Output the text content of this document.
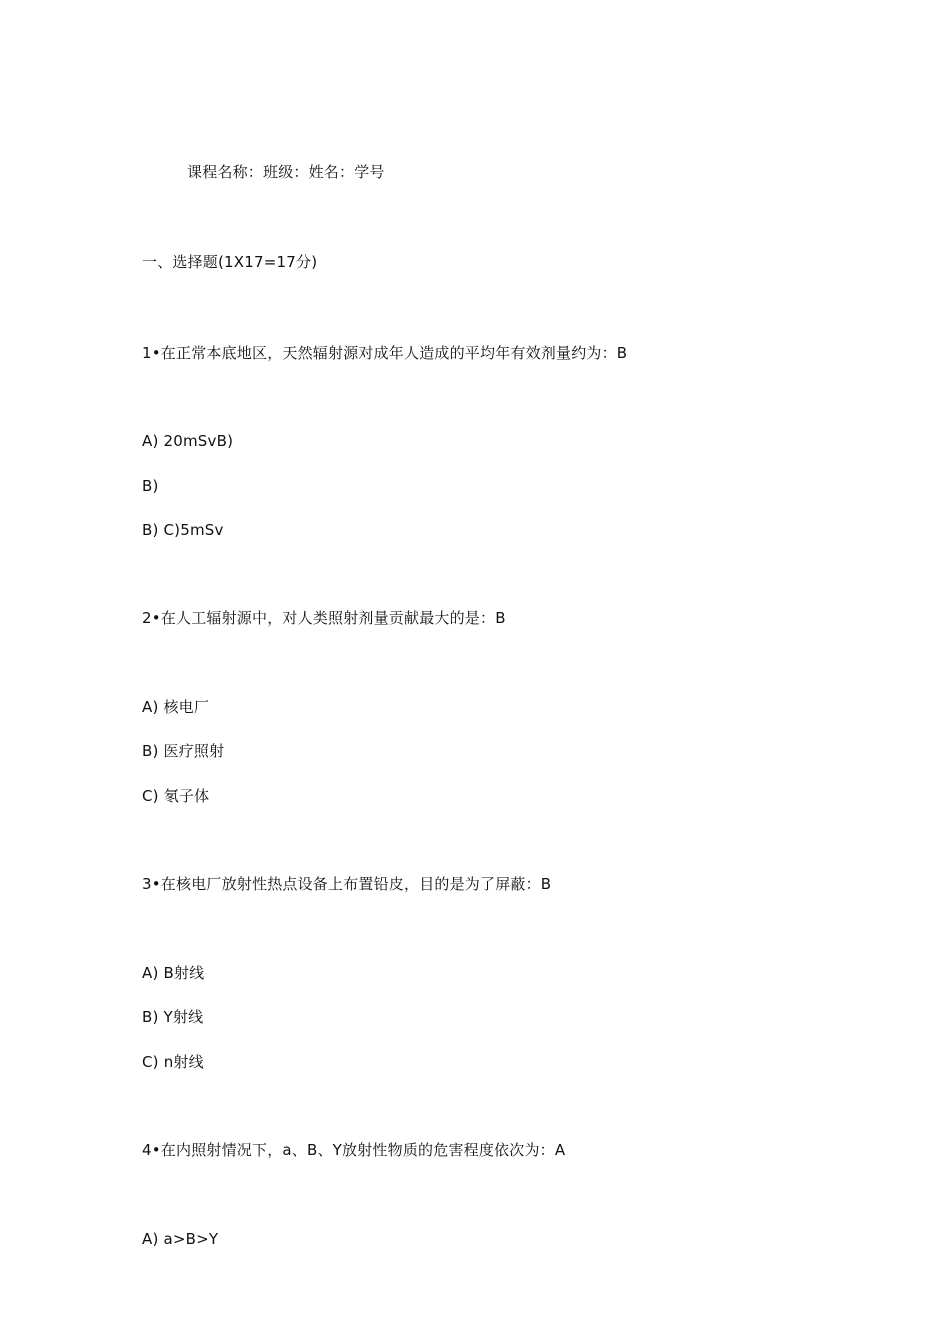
课程名称：班级：姓名：学号
一、选择题(1X17=17分)
1•在正常本底地区，天然辐射源对成年人造成的平均年有效剂量约为：B
A) 20mSvB)
B)
B) C)5mSv
2•在人工辐射源中，对人类照射剂量贡献最大的是：B
A) 核电厂
B) 医疗照射
C) 氡子体
3•在核电厂放射性热点设备上布置铅皮，目的是为了屏蔽：B
A) B射线
B) Y射线
C) n射线
4•在内照射情况下，a、B、Y放射性物质的危害程度依次为：A
A) a>B>Y
